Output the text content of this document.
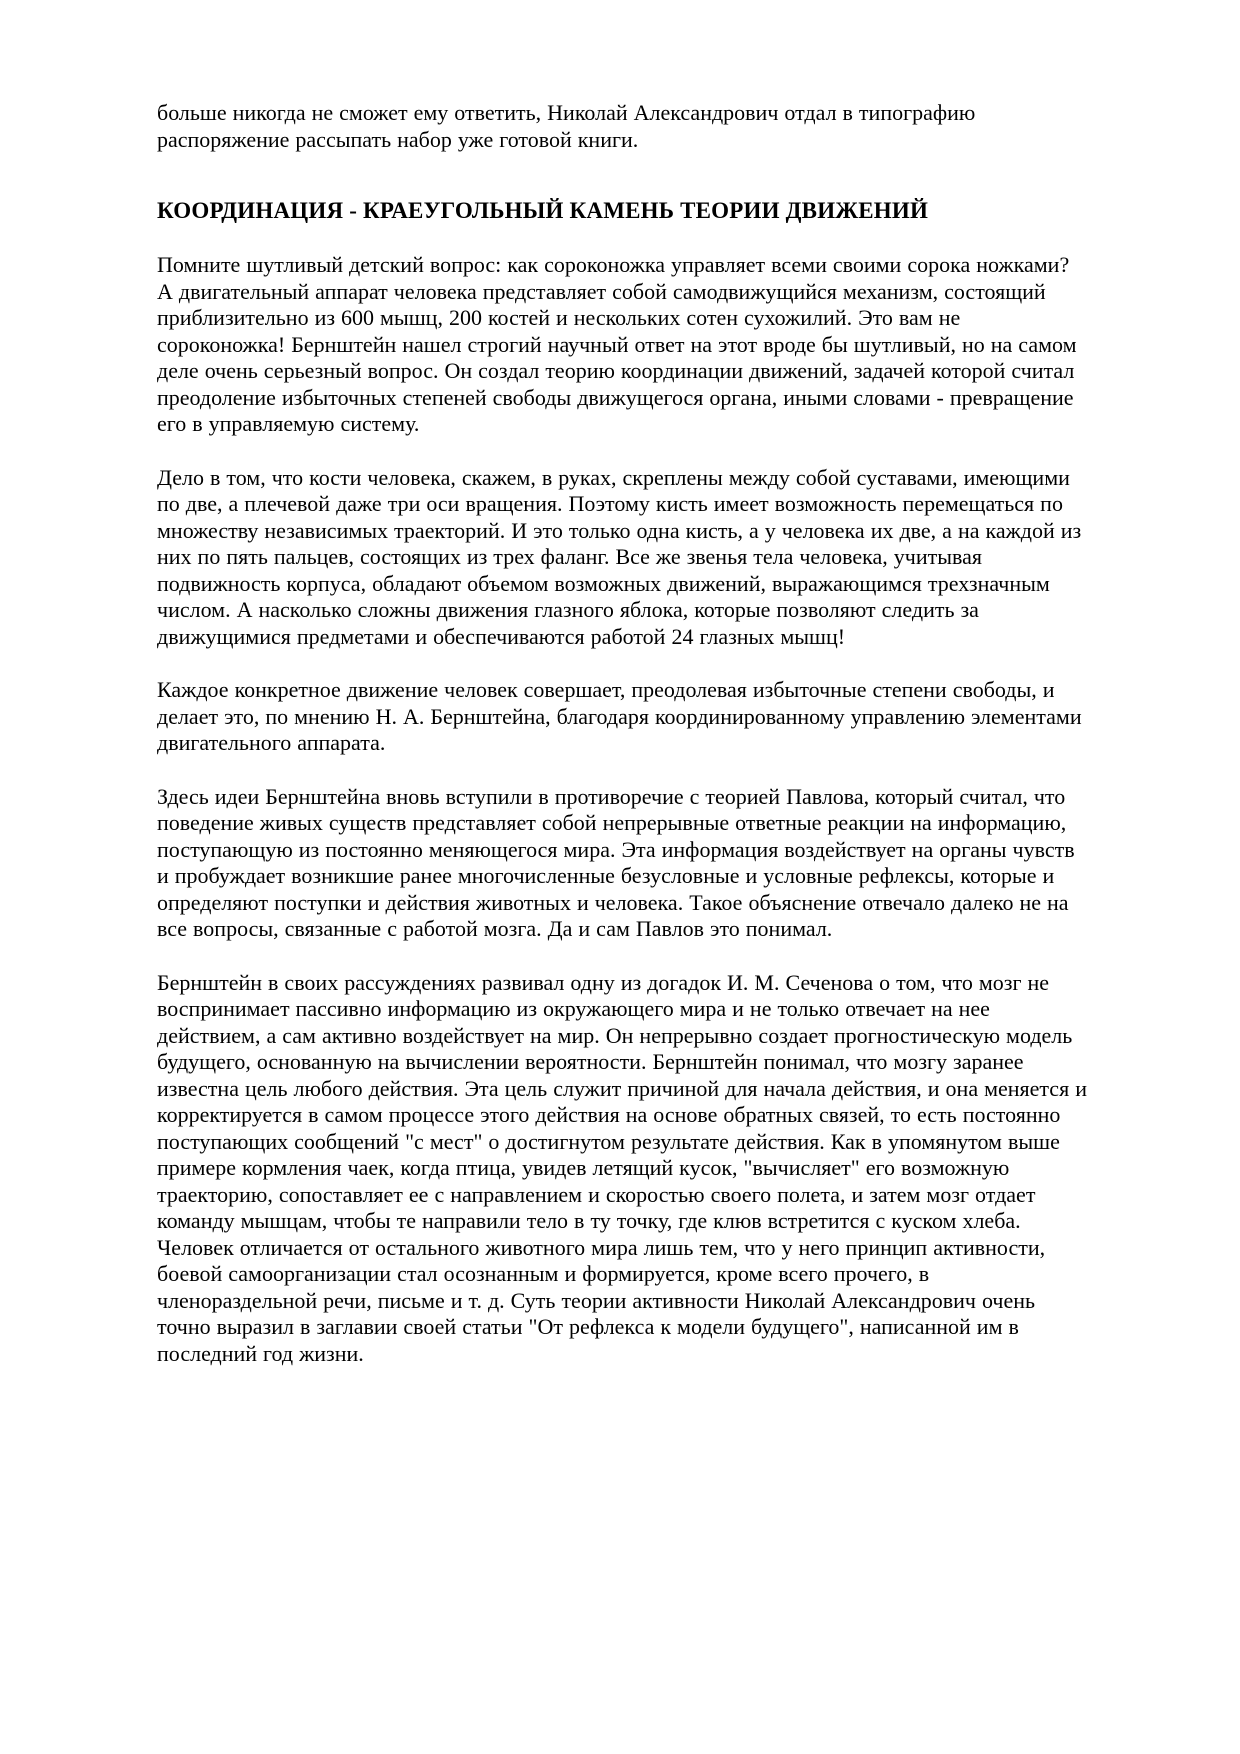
больше никогда не сможет ему ответить, Николай Александрович отдал в типографию распоряжение рассыпать набор уже готовой книги.

КООРДИНАЦИЯ - КРАЕУГОЛЬНЫЙ КАМЕНЬ ТЕОРИИ ДВИЖЕНИЙ

Помните шутливый детский вопрос: как сороконожка управляет всеми своими сорока ножками? А двигательный аппарат человека представляет собой самодвижущийся механизм, состоящий приблизительно из 600 мышц, 200 костей и нескольких сотен сухожилий. Это вам не сороконожка! Бернштейн нашел строгий научный ответ на этот вроде бы шутливый, но на самом деле очень серьезный вопрос. Он создал теорию координации движений, задачей которой считал преодоление избыточных степеней свободы движущегося органа, иными словами - превращение его в управляемую систему.

Дело в том, что кости человека, скажем, в руках, скреплены между собой суставами, имеющими по две, а плечевой даже три оси вращения. Поэтому кисть имеет возможность перемещаться по множеству независимых траекторий. И это только одна кисть, а у человека их две, а на каждой из них по пять пальцев, состоящих из трех фаланг. Все же звенья тела человека, учитывая подвижность корпуса, обладают объемом возможных движений, выражающимся трехзначным числом. А насколько сложны движения глазного яблока, которые позволяют следить за движущимися предметами и обеспечиваются работой 24 глазных мышц!

Каждое конкретное движение человек совершает, преодолевая избыточные степени свободы, и делает это, по мнению Н. А. Бернштейна, благодаря координированному управлению элементами двигательного аппарата.

Здесь идеи Бернштейна вновь вступили в противоречие с теорией Павлова, который считал, что поведение живых существ представляет собой непрерывные ответные реакции на информацию, поступающую из постоянно меняющегося мира. Эта информация воздействует на органы чувств и пробуждает возникшие ранее многочисленные безусловные и условные рефлексы, которые и определяют поступки и действия животных и человека. Такое объяснение отвечало далеко не на все вопросы, связанные с работой мозга. Да и сам Павлов это понимал.

Бернштейн в своих рассуждениях развивал одну из догадок И. М. Сеченова о том, что мозг не воспринимает пассивно информацию из окружающего мира и не только отвечает на нее действием, а сам активно воздействует на мир. Он непрерывно создает прогностическую модель будущего, основанную на вычислении вероятности. Бернштейн понимал, что мозгу заранее известна цель любого действия. Эта цель служит причиной для начала действия, и она меняется и корректируется в самом процессе этого действия на основе обратных связей, то есть постоянно поступающих сообщений "с мест" о достигнутом результате действия. Как в упомянутом выше примере кормления чаек, когда птица, увидев летящий кусок, "вычисляет" его возможную траекторию, сопоставляет ее с направлением и скоростью своего полета, и затем мозг отдает команду мышцам, чтобы те направили тело в ту точку, где клюв встретится с куском хлеба. Человек отличается от остального животного мира лишь тем, что у него принцип активности, боевой самоорганизации стал осознанным и формируется, кроме всего прочего, в членораздельной речи, письме и т. д. Суть теории активности Николай Александрович очень точно выразил в заглавии своей статьи "От рефлекса к модели будущего", написанной им в последний год жизни.
